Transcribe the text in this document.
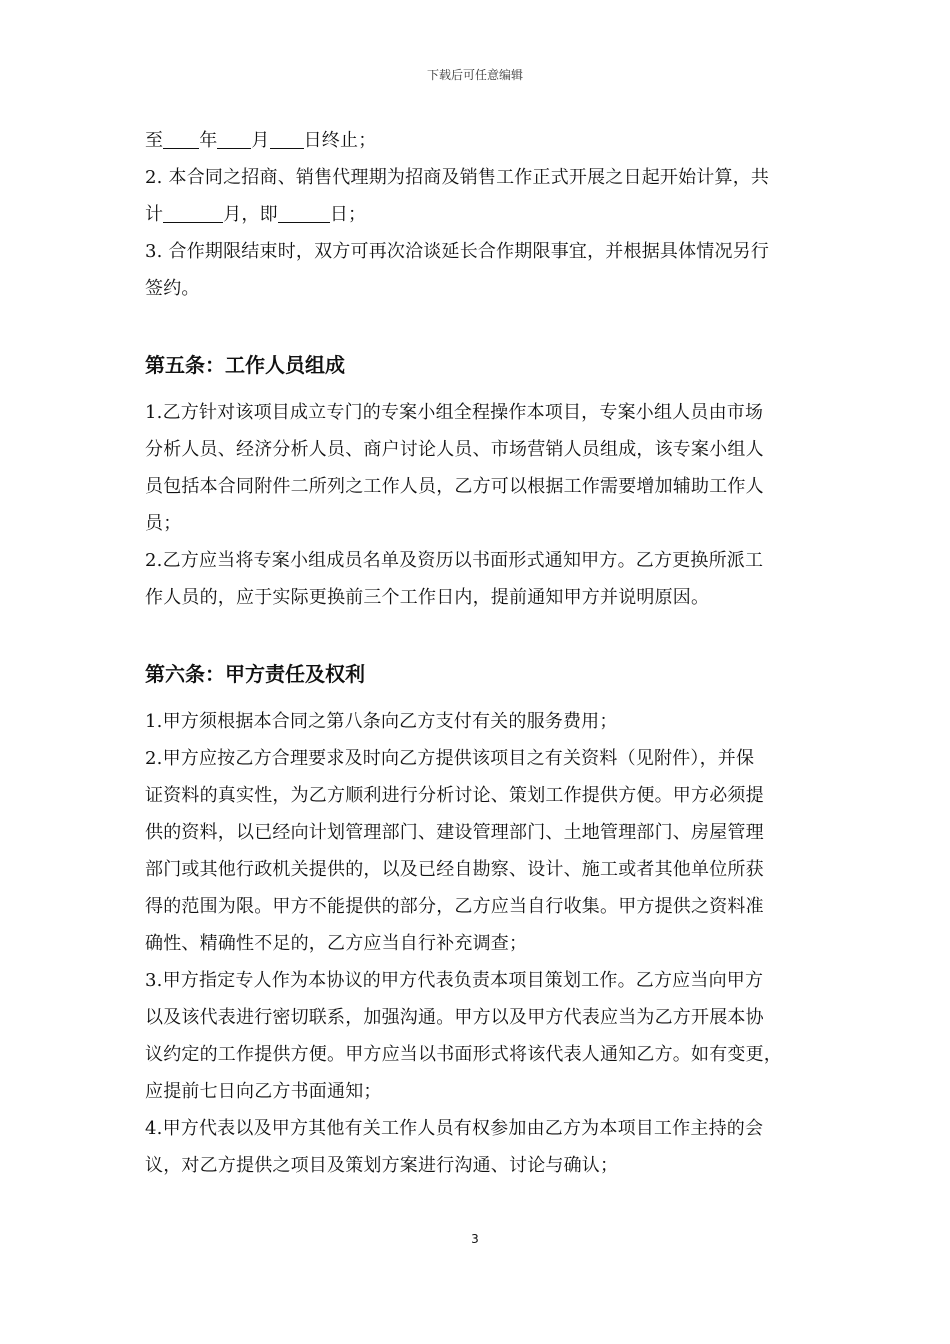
下载后可任意编辑
至 年 月 日终止；
2. 本合同之招商、销售代理期为招商及销售工作正式开展之日起开始计算，共
计	月，即	日；
3. 合作期限结束时，双方可再次洽谈延长合作期限事宜，并根据具体情况另行
签约。
第五条：工作人员组成
1.乙方针对该项目成立专门的专案小组全程操作本项目，专案小组人员由市场
分析人员、经济分析人员、商户讨论人员、市场营销人员组成，该专案小组人
员包括本合同附件二所列之工作人员，乙方可以根据工作需要增加辅助工作人
员；
2.乙方应当将专案小组成员名单及资历以书面形式通知甲方。乙方更换所派工
作人员的，应于实际更换前三个工作日内，提前通知甲方并说明原因。
第六条：甲方责任及权利
1.甲方须根据本合同之第八条向乙方支付有关的服务费用；
2.甲方应按乙方合理要求及时向乙方提供该项目之有关资料（见附件），并保
证资料的真实性，为乙方顺利进行分析讨论、策划工作提供方便。甲方必须提
供的资料，以已经向计划管理部门、建设管理部门、土地管理部门、房屋管理
部门或其他行政机关提供的，以及已经自勘察、设计、施工或者其他单位所获
得的范围为限。甲方不能提供的部分，乙方应当自行收集。甲方提供之资料准
确性、精确性不足的，乙方应当自行补充调查；
3.甲方指定专人作为本协议的甲方代表负责本项目策划工作。乙方应当向甲方
以及该代表进行密切联系，加强沟通。甲方以及甲方代表应当为乙方开展本协
议约定的工作提供方便。甲方应当以书面形式将该代表人通知乙方。如有变更，
应提前七日向乙方书面通知；
4.甲方代表以及甲方其他有关工作人员有权参加由乙方为本项目工作主持的会
议，对乙方提供之项目及策划方案进行沟通、讨论与确认；
3
